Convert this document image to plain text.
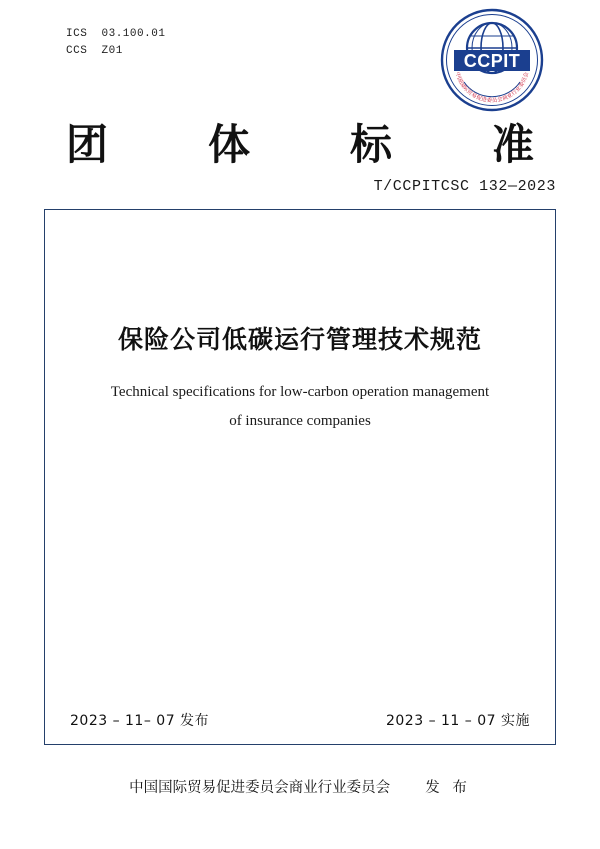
ICS  03.100.01
CCS  Z01	CCPIT
中国国际贸易促进委员会商业行业委员会
团 体 标 准
T/CCPITCSC 132—2023
保险公司低碳运行管理技术规范
Technical specifications for low-carbon operation management
of insurance companies
2023 – 11– 07 发布	2023 – 11 – 07 实施
中国国际贸易促进委员会商业行业委员会 发 布
